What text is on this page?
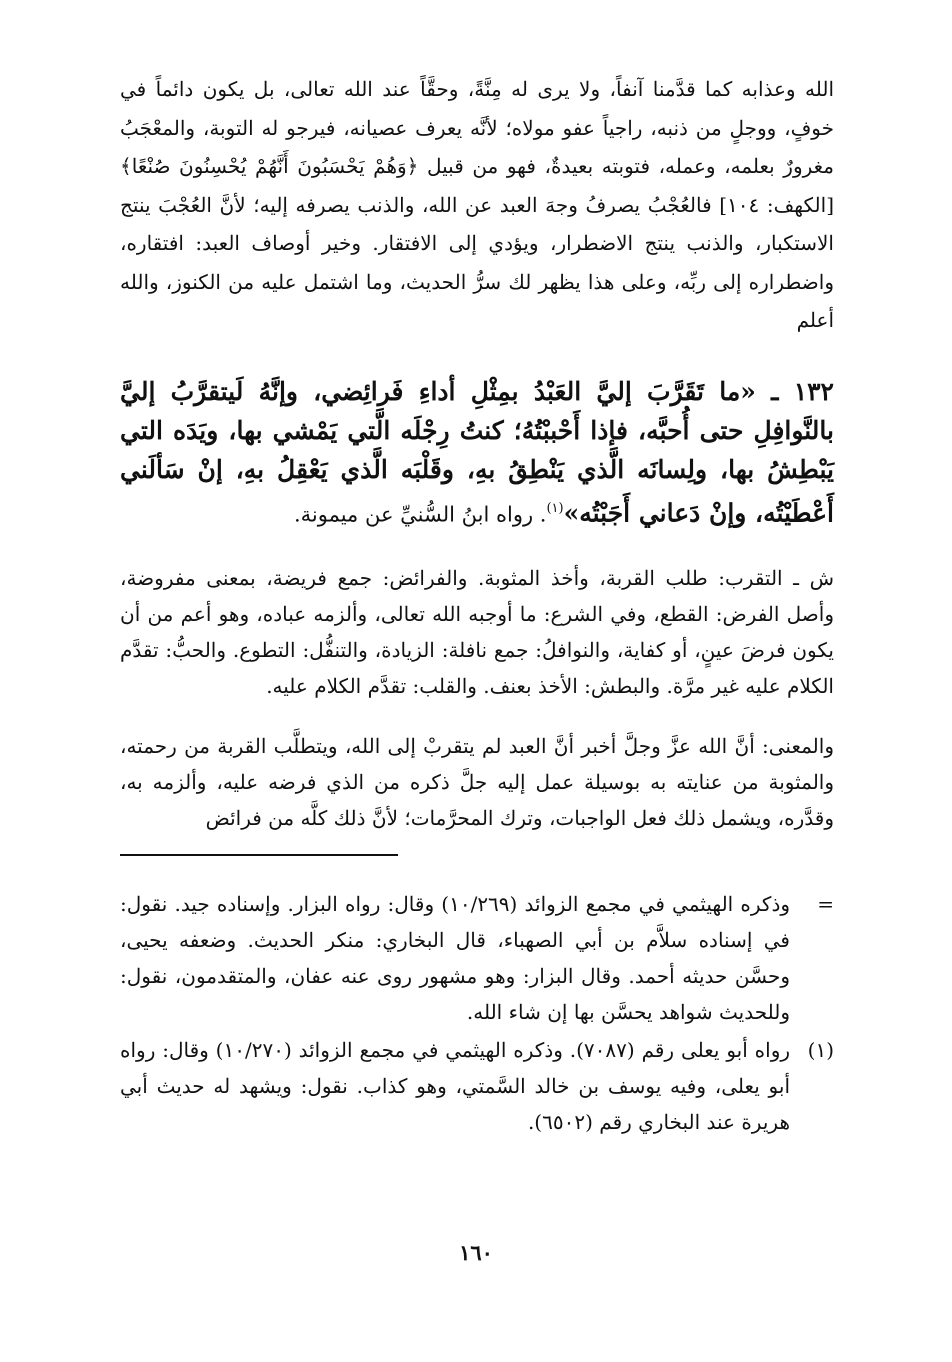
الله وعذابه كما قدَّمنا آنفاً، ولا يرى له مِنَّةً، وحقَّاً عند الله تعالى، بل يكون دائماً في خوفٍ، ووجلٍ من ذنبه، راجياً عفو مولاه؛ لأنَّه يعرف عصيانه، فيرجو له التوبة، والمعْجَبُ مغرورٌ بعلمه، وعمله، فتوبته بعيدةٌ، فهو من قبيل ﴿وَهُمْ يَحْسَبُونَ أَنَّهُمْ يُحْسِنُونَ صُنْعًا﴾ [الكهف: ١٠٤] فالعُجْبُ يصرفُ وجهَ العبد عن الله، والذنب يصرفه إليه؛ لأنَّ العُجْبَ ينتج الاستكبار، والذنب ينتج الاضطرار، ويؤدي إلى الافتقار. وخير أوصاف العبد: افتقاره، واضطراره إلى ربِّه، وعلى هذا يظهر لك سرُّ الحديث، وما اشتمل عليه من الكنوز، والله أعلم

١٣٢ ـ «ما تَقَرَّبَ إليَّ العَبْدُ بمِثْلِ أداءِ فَرائِضي، وإنَّهُ لَيتقرَّبُ إليَّ بالنَّوافِلِ حتى أُحبَّه، فإذا أَحْببْتُهُ؛ كنتُ رِجْلَه الَّتي يَمْشي بها، ويَدَه التي يَبْطِشُ بها، ولِسانَه الَّذي يَنْطِقُ بهِ، وقَلْبَه الَّذي يَعْقِلُ بهِ، إنْ سَألَني أَعْطَيْتُه، وإنْ دَعاني أَجَبْتُه»$^{(١)}$. رواه ابنُ السُّنيِّ عن ميمونة.

ش ـ التقرب: طلب القربة، وأخذ المثوبة. والفرائض: جمع فريضة، بمعنى مفروضة، وأصل الفرض: القطع، وفي الشرع: ما أوجبه الله تعالى، وألزمه عباده، وهو أعم من أن يكون فرضَ عينٍ، أو كفاية، والنوافلُ: جمع نافلة: الزيادة، والتنفُّل: التطوع. والحبُّ: تقدَّم الكلام عليه غير مرَّة. والبطش: الأخذ بعنف. والقلب: تقدَّم الكلام عليه.

والمعنى: أنَّ الله عزَّ وجلَّ أخبر أنَّ العبد لم يتقربْ إلى الله، ويتطلَّب القربة من رحمته، والمثوبة من عنايته به بوسيلة عمل إليه جلَّ ذكره من الذي فرضه عليه، وألزمه به، وقدَّره، ويشمل ذلك فعل الواجبات، وترك المحرَّمات؛ لأنَّ ذلك كلَّه من فرائض

=
وذكره الهيثمي في مجمع الزوائد (١٠/٢٦٩) وقال: رواه البزار. وإسناده جيد. نقول: في إسناده سلاَّم بن أبي الصهباء، قال البخاري: منكر الحديث. وضعفه يحيى، وحسَّن حديثه أحمد. وقال البزار: وهو مشهور روى عنه عفان، والمتقدمون، نقول: وللحديث شواهد يحسَّن بها إن شاء الله.
(١)
رواه أبو يعلى رقم (٧٠٨٧). وذكره الهيثمي في مجمع الزوائد (١٠/٢٧٠) وقال: رواه أبو يعلى، وفيه يوسف بن خالد السَّمتي، وهو كذاب. نقول: ويشهد له حديث أبي هريرة عند البخاري رقم (٦٥٠٢).
١٦٠
